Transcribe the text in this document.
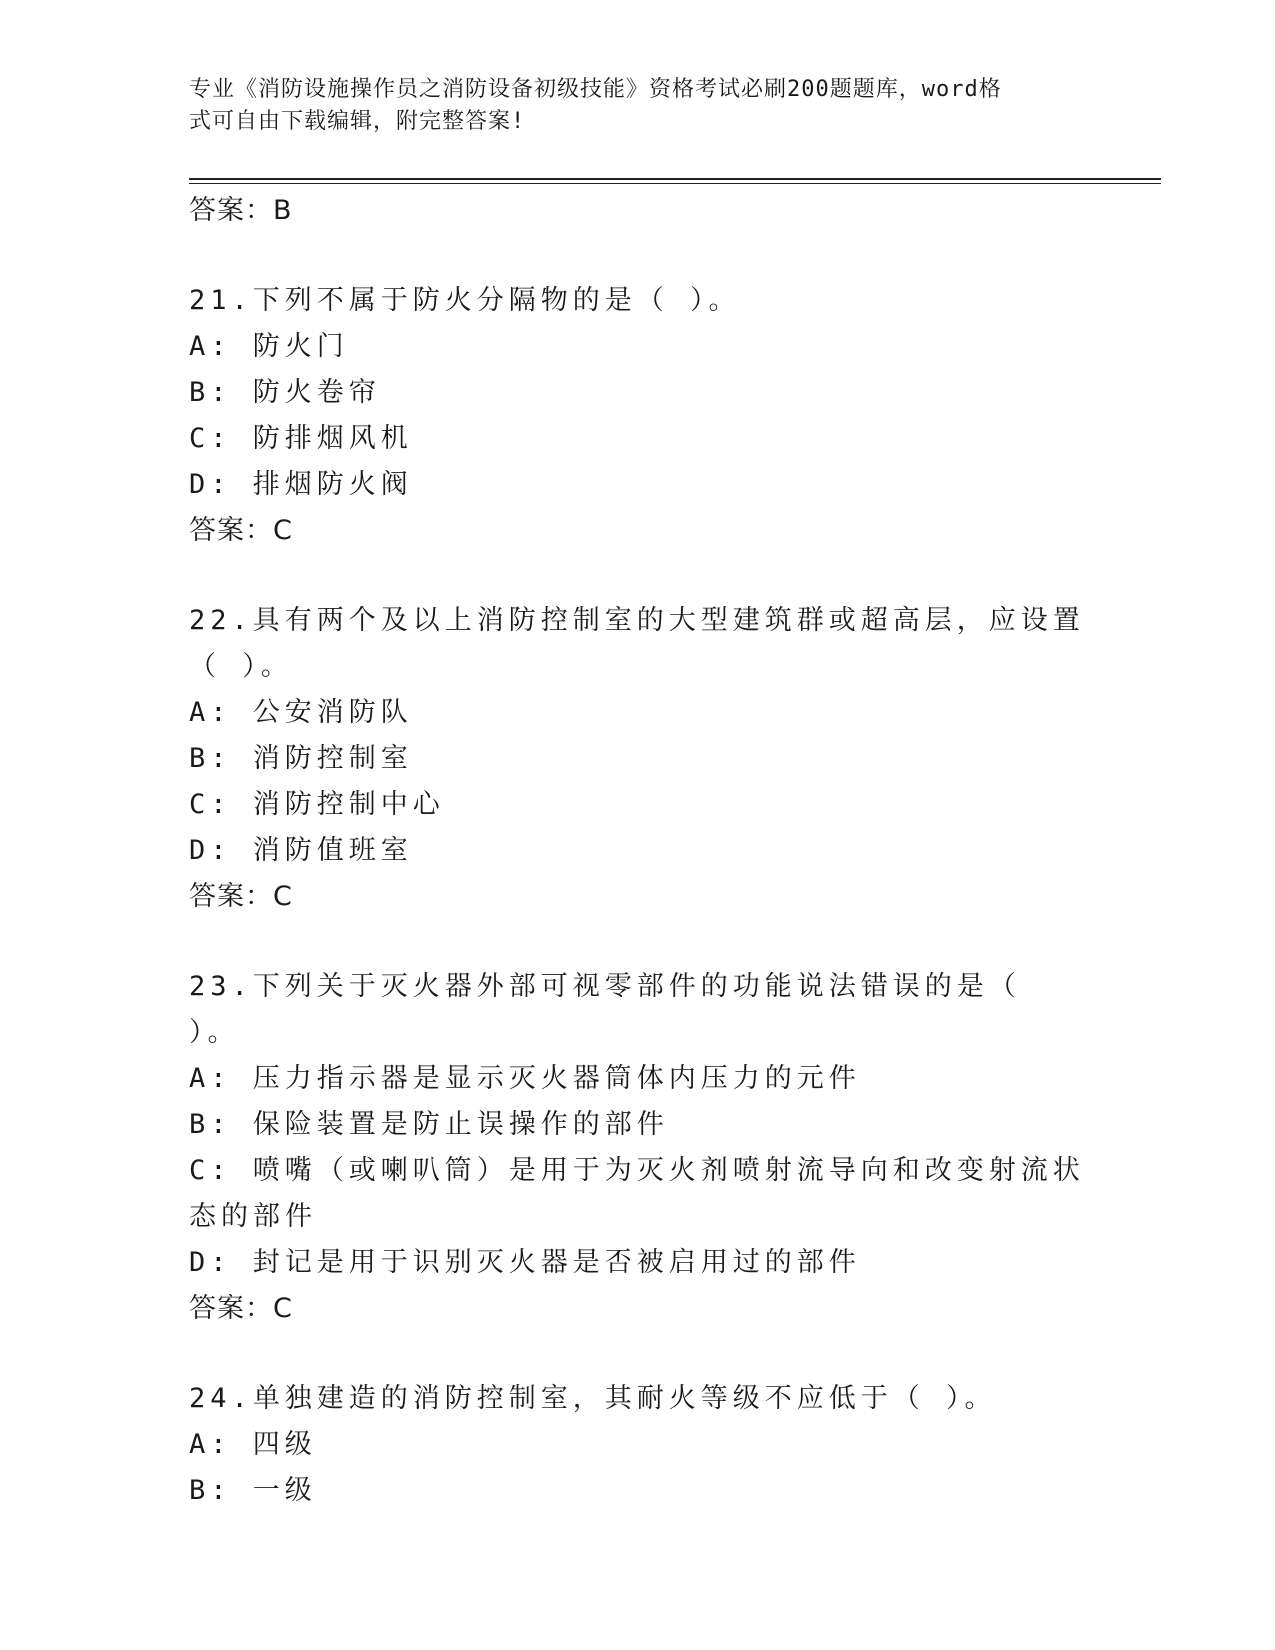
专业《消防设施操作员之消防设备初级技能》资格考试必刷200题题库，word格
式可自由下载编辑，附完整答案!
答案：B
21.下列不属于防火分隔物的是（ ）。
A: 防火门
B: 防火卷帘
C: 防排烟风机
D: 排烟防火阀
答案：C
22.具有两个及以上消防控制室的大型建筑群或超高层，应设置（ ）。
A: 公安消防队
B: 消防控制室
C: 消防控制中心
D: 消防值班室
答案：C
23.下列关于灭火器外部可视零部件的功能说法错误的是（ ）。
A: 压力指示器是显示灭火器筒体内压力的元件
B: 保险装置是防止误操作的部件
C: 喷嘴（或喇叭筒）是用于为灭火剂喷射流导向和改变射流状态的部件
D: 封记是用于识别灭火器是否被启用过的部件
答案：C
24.单独建造的消防控制室，其耐火等级不应低于（ ）。
A: 四级
B: 一级
